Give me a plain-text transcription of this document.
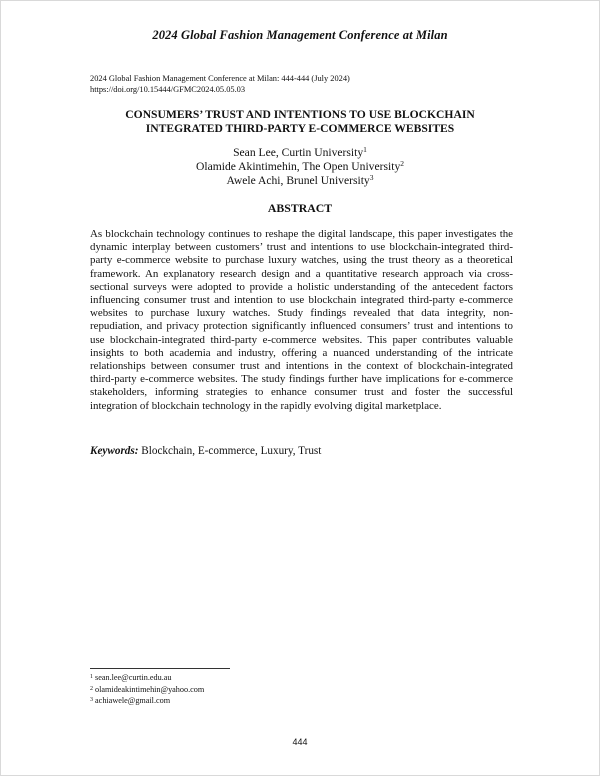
2024 Global Fashion Management Conference at Milan
2024 Global Fashion Management Conference at Milan: 444-444 (July 2024)
https://doi.org/10.15444/GFMC2024.05.05.03
CONSUMERS’ TRUST AND INTENTIONS TO USE BLOCKCHAIN
INTEGRATED THIRD-PARTY E-COMMERCE WEBSITES
Sean Lee, Curtin University$^1$
Olamide Akintimehin, The Open University$^2$
Awele Achi, Brunel University$^3$
ABSTRACT
As blockchain technology continues to reshape the digital landscape, this paper investigates the dynamic interplay between customers’ trust and intentions to use blockchain-integrated third-party e-commerce website to purchase luxury watches, using the trust theory as a theoretical framework. An explanatory research design and a quantitative research approach via cross-sectional surveys were adopted to provide a holistic understanding of the antecedent factors influencing consumer trust and intention to use blockchain integrated third-party e-commerce websites to purchase luxury watches. Study findings revealed that data integrity, non-repudiation, and privacy protection significantly influenced consumers’ trust and intentions to use blockchain-integrated third-party e-commerce websites. This paper contributes valuable insights to both academia and industry, offering a nuanced understanding of the intricate relationships between consumer trust and intentions in the context of blockchain-integrated third-party e-commerce websites. The study findings further have implications for e-commerce stakeholders, informing strategies to enhance consumer trust and foster the successful integration of blockchain technology in the rapidly evolving digital marketplace.
Keywords: Blockchain, E-commerce, Luxury, Trust
$^1$ sean.lee@curtin.edu.au
$^2$ olamideakintimehin@yahoo.com
$^3$ achiawele@gmail.com
444
